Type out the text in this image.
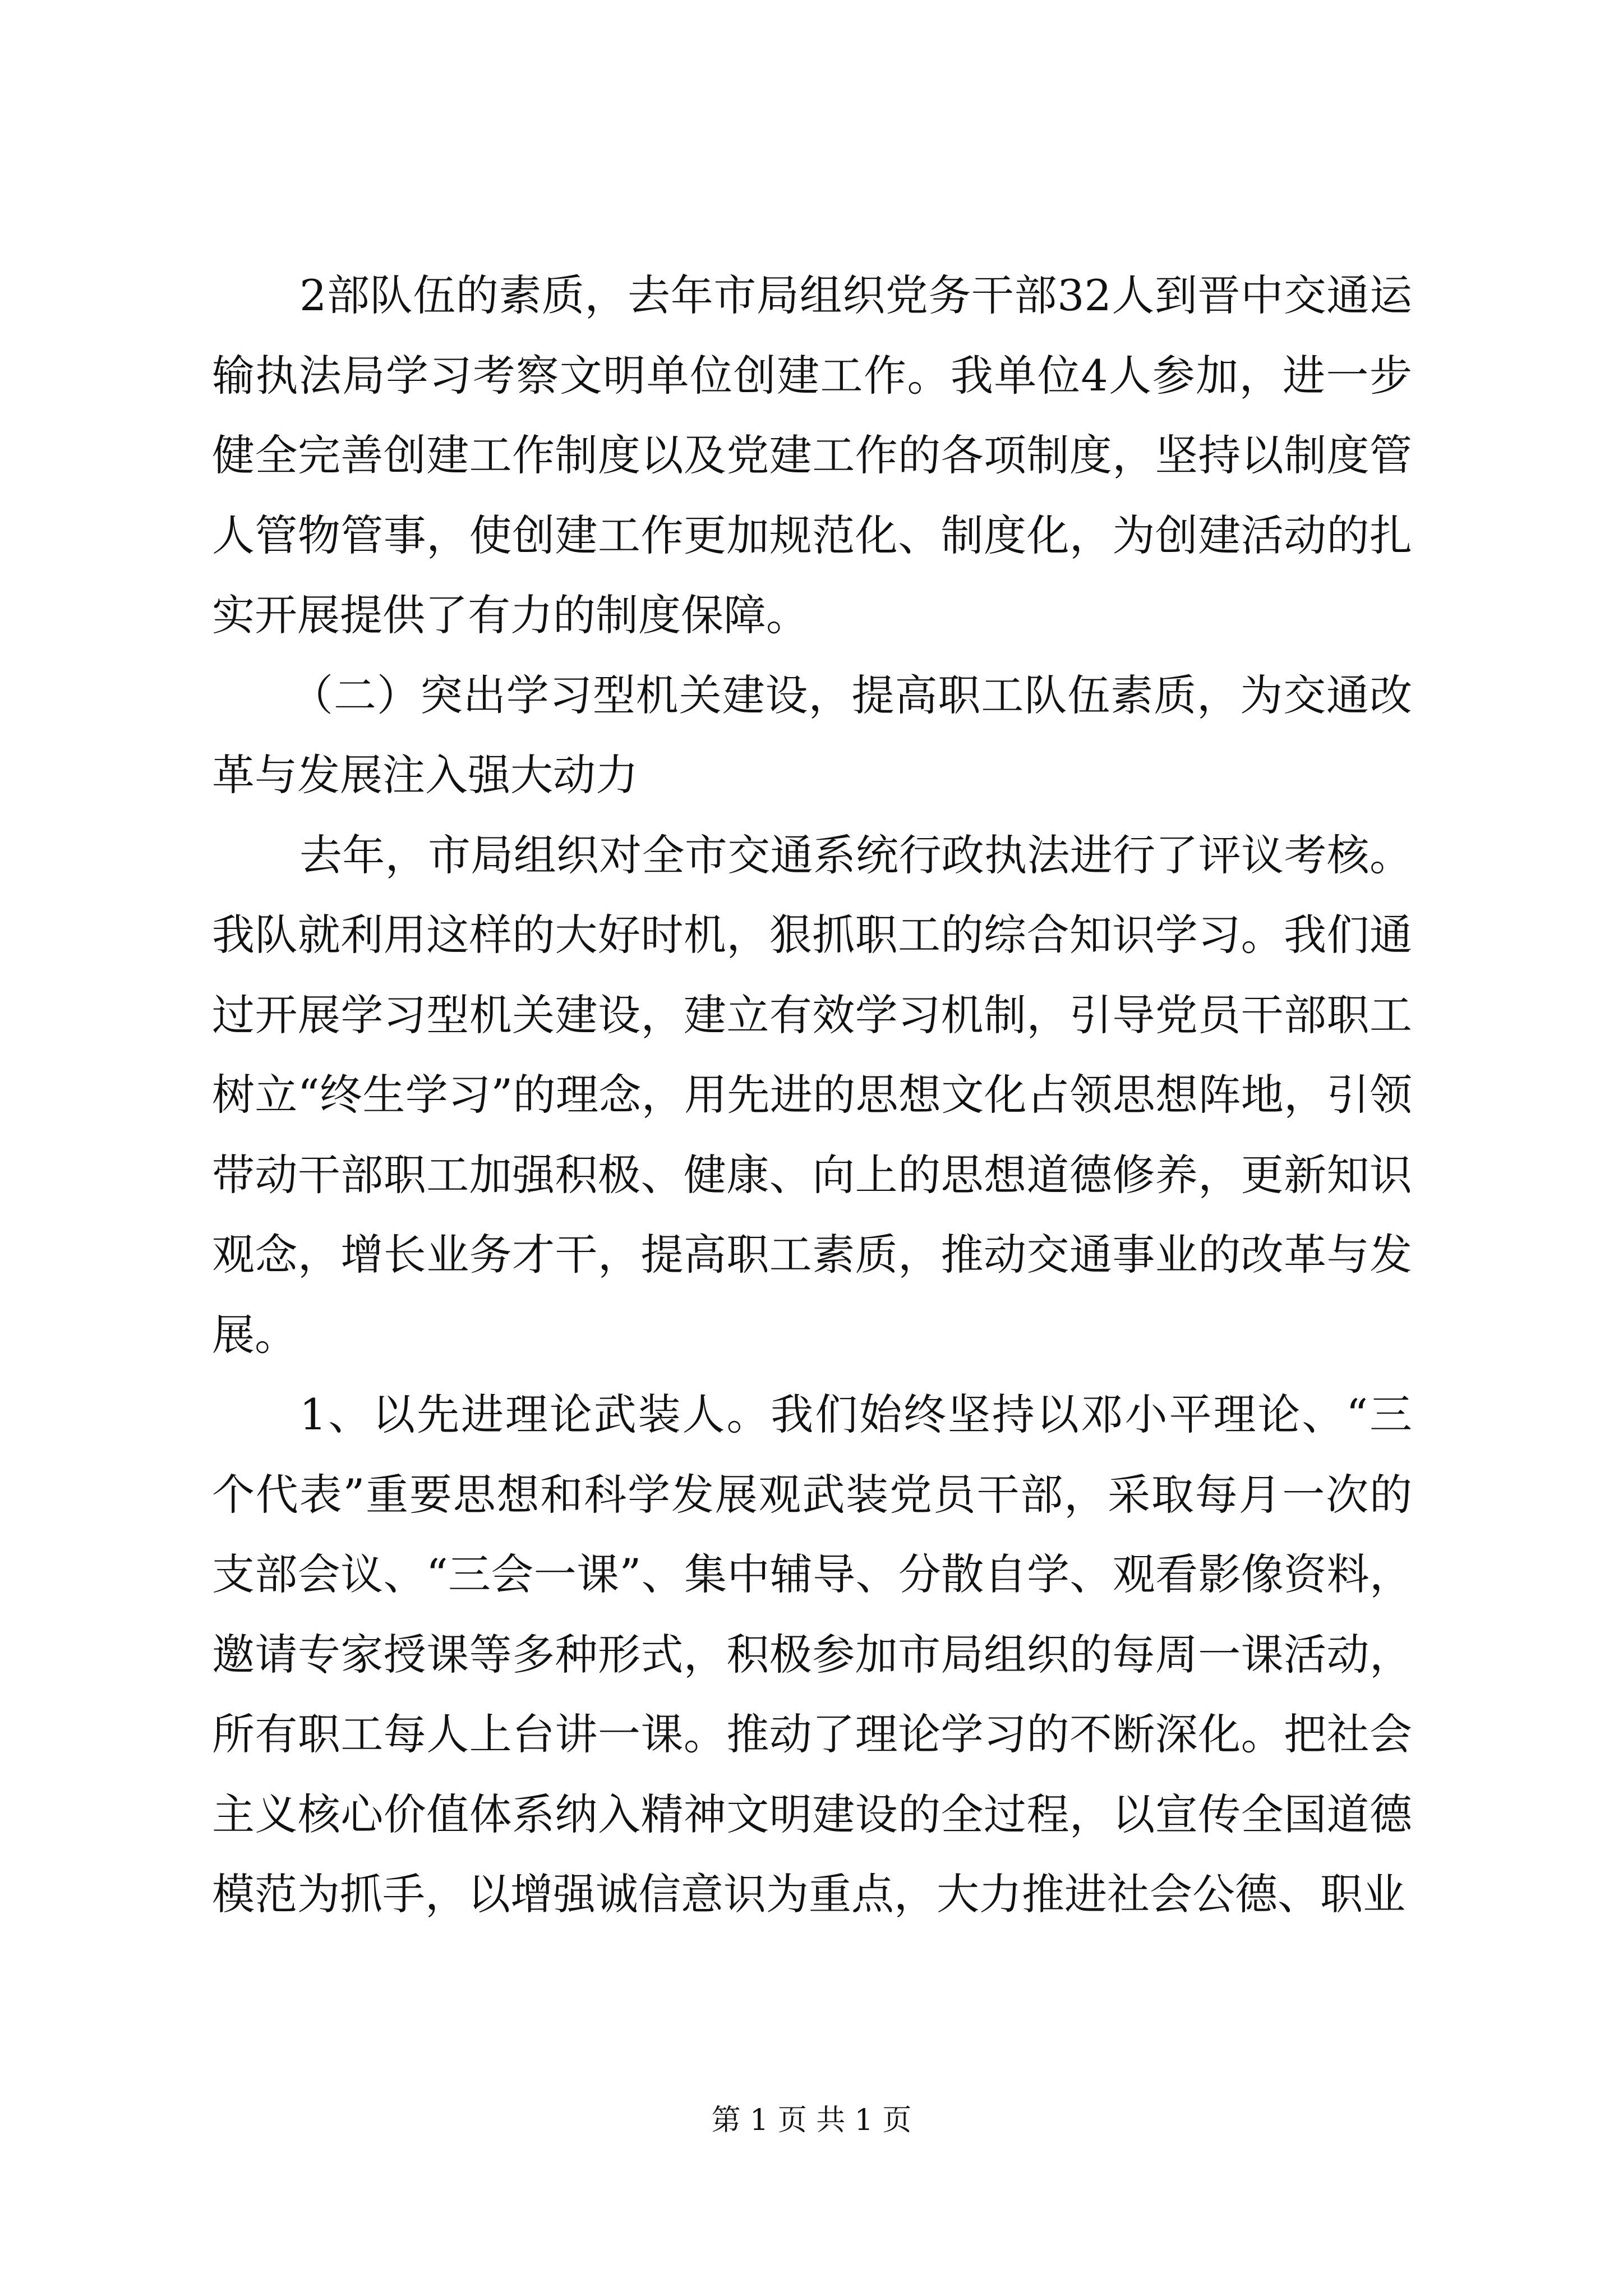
2部队伍的素质，去年市局组织党务干部32人到晋中交通运输执法局学习考察文明单位创建工作。我单位4人参加，进一步健全完善创建工作制度以及党建工作的各项制度，坚持以制度管人管物管事，使创建工作更加规范化、制度化，为创建活动的扎实开展提供了有力的制度保障。

（二）突出学习型机关建设，提高职工队伍素质，为交通改革与发展注入强大动力

去年，市局组织对全市交通系统行政执法进行了评议考核。我队就利用这样的大好时机，狠抓职工的综合知识学习。我们通过开展学习型机关建设，建立有效学习机制，引导党员干部职工树立“终生学习”的理念，用先进的思想文化占领思想阵地，引领带动干部职工加强积极、健康、向上的思想道德修养，更新知识观念，增长业务才干，提高职工素质，推动交通事业的改革与发展。

1、以先进理论武装人。我们始终坚持以邓小平理论、“三个代表”重要思想和科学发展观武装党员干部，采取每月一次的支部会议、“三会一课”、集中辅导、分散自学、观看影像资料，邀请专家授课等多种形式，积极参加市局组织的每周一课活动，所有职工每人上台讲一课。推动了理论学习的不断深化。把社会主义核心价值体系纳入精神文明建设的全过程，以宣传全国道德模范为抓手，以增强诚信意识为重点，大力推进社会公德、职业

第 1 页 共 1 页
